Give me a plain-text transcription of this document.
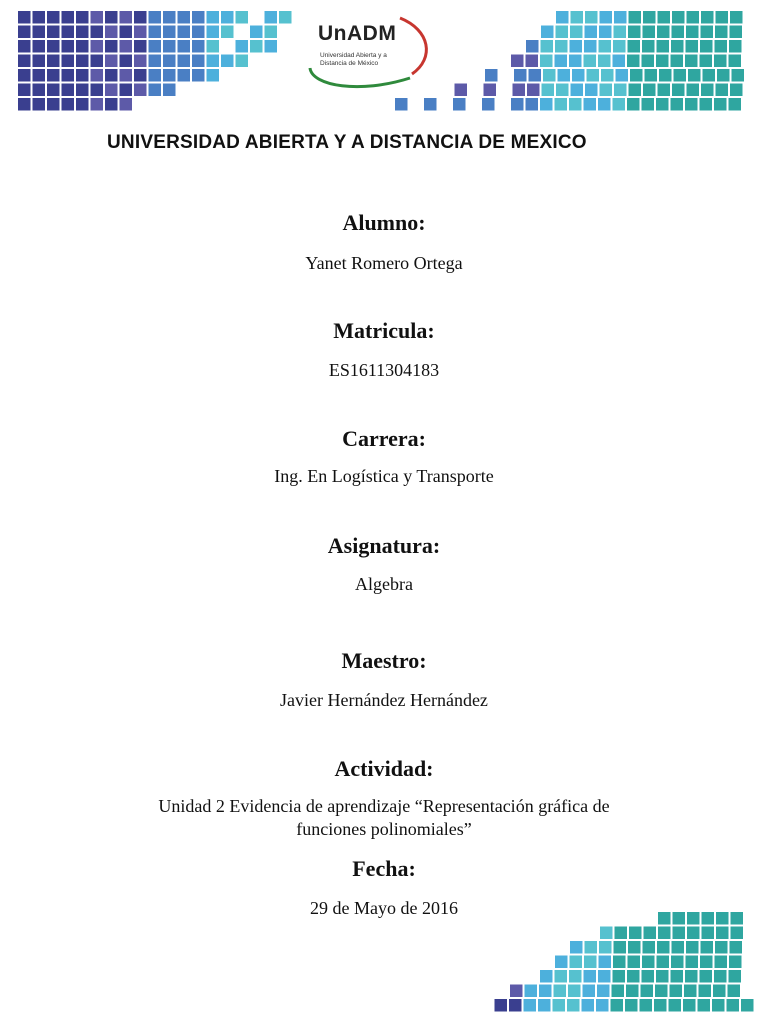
UnADM
Universidad Abierta y a Distancia de México
UNIVERSIDAD ABIERTA Y A DISTANCIA DE MEXICO
Alumno:
Yanet Romero Ortega
Matricula:
ES1611304183
Carrera:
Ing. En Logística y Transporte
Asignatura:
Algebra
Maestro:
Javier Hernández Hernández
Actividad:
Unidad 2 Evidencia de aprendizaje “Representación gráfica de
funciones polinomiales”
Fecha:
29 de Mayo de 2016
